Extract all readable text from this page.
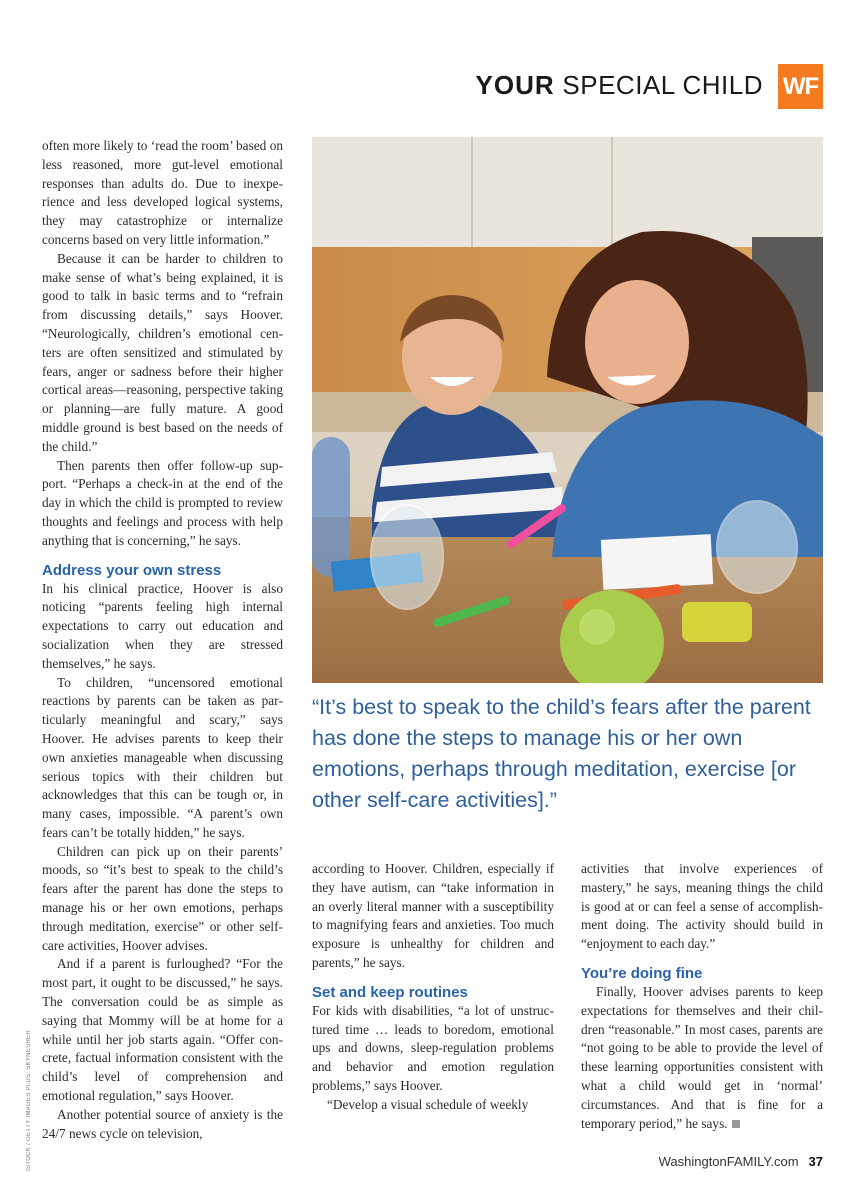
YOUR SPECIAL CHILD WF

often more likely to ‘read the room’ based on less reasoned, more gut-level emotional responses than adults do. Due to inexperience and less developed logical systems, they may catastrophize or internalize concerns based on very little information.”

Because it can be harder to children to make sense of what’s being explained, it is good to talk in basic terms and to “refrain from discussing details,” says Hoover. “Neurologically, children’s emotional centers are often sensitized and stimulated by fears, anger or sadness before their higher cortical areas—reasoning, perspective taking or planning—are fully mature. A good middle ground is best based on the needs of the child.”

Then parents then offer follow-up support. “Perhaps a check-in at the end of the day in which the child is prompted to review thoughts and feelings and process with help anything that is concerning,” he says.

Address your own stress

In his clinical practice, Hoover is also noticing “parents feeling high internal expectations to carry out education and socialization when they are stressed themselves,” he says.

To children, “uncensored emotional reactions by parents can be taken as particularly meaningful and scary,” says Hoover. He advises parents to keep their own anxieties manageable when discussing serious topics with their children but acknowledges that this can be tough or, in many cases, impossible. “A parent’s own fears can’t be totally hidden,” he says.

Children can pick up on their parents’ moods, so “it’s best to speak to the child’s fears after the parent has done the steps to manage his or her own emotions, perhaps through meditation, exercise” or other self-care activities, Hoover advises.

And if a parent is furloughed? “For the most part, it ought to be discussed,” he says. The conversation could be as simple as saying that Mommy will be at home for a while until her job starts again. “Offer concrete, factual information consistent with the child’s level of comprehension and emotional regulation,” says Hoover.

Another potential source of anxiety is the 24/7 news cycle on television,

“It’s best to speak to the child’s fears after the parent has done the steps to manage his or her own emotions, perhaps through meditation, exercise [or other self-care activities].”

according to Hoover. Children, especially if they have autism, can “take information in an overly literal manner with a susceptibility to magnifying fears and anxieties. Too much exposure is unhealthy for children and parents,” he says.

Set and keep routines

For kids with disabilities, “a lot of unstructured time … leads to boredom, emotional ups and downs, sleep-regulation problems and behavior and emotion regulation problems,” says Hoover.

“Develop a visual schedule of weekly

activities that involve experiences of mastery,” he says, meaning things the child is good at or can feel a sense of accomplishment doing. The activity should build in “enjoyment to each day.”

You’re doing fine

Finally, Hoover advises parents to keep expectations for themselves and their children “reasonable.” In most cases, parents are “not going to be able to provide the level of these learning opportunities consistent with what a child would get in ‘normal’ circumstances. And that is fine for a temporary period,” he says.

ISTOCK / GETTY IMAGES PLUS: SKYNESHER	WashingtonFAMILY.com 37
